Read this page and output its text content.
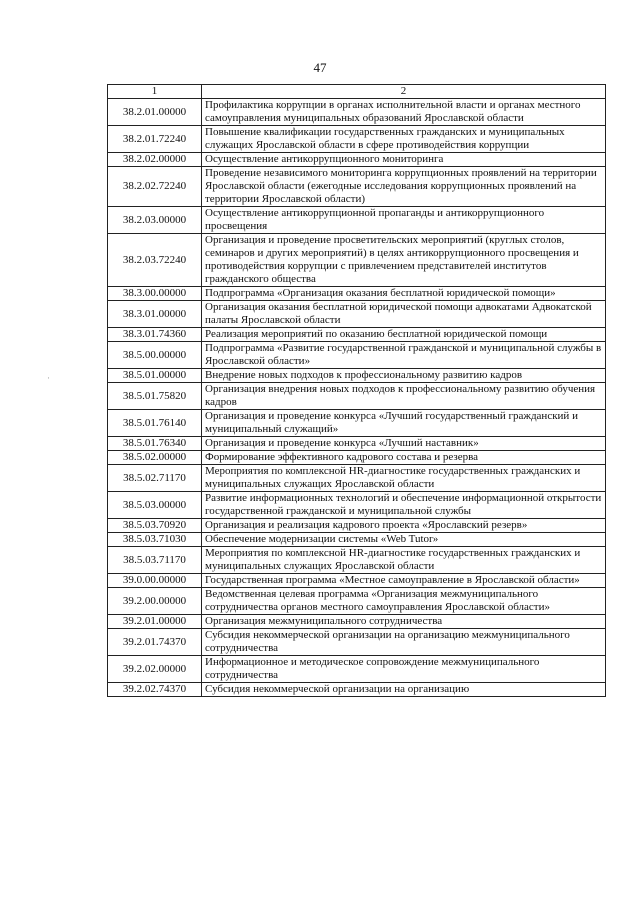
47
·
1	2
38.2.01.00000	Профилактика коррупции в органах исполнительной власти и органах местного самоуправления муниципальных образований Ярославской области
38.2.01.72240	Повышение квалификации государственных гражданских и муниципальных служащих Ярославской области в сфере противодействия коррупции
38.2.02.00000	Осуществление антикоррупционного мониторинга
38.2.02.72240	Проведение независимого мониторинга коррупционных проявлений на территории Ярославской области (ежегодные исследования коррупционных проявлений на территории Ярославской области)
38.2.03.00000	Осуществление антикоррупционной пропаганды и антикоррупционного просвещения
38.2.03.72240	Организация и проведение просветительских мероприятий (круглых столов, семинаров и других мероприятий) в целях антикоррупционного просвещения и противодействия коррупции с привлечением представителей институтов гражданского общества
38.3.00.00000	Подпрограмма «Организация оказания бесплатной юридической помощи»
38.3.01.00000	Организация оказания бесплатной юридической помощи адвокатами Адвокатской палаты Ярославской области
38.3.01.74360	Реализация мероприятий по оказанию бесплатной юридической помощи
38.5.00.00000	Подпрограмма «Развитие государственной гражданской и муниципальной службы в Ярославской области»
38.5.01.00000	Внедрение новых подходов к профессиональному развитию кадров
38.5.01.75820	Организация внедрения новых подходов к профессиональному развитию обучения кадров
38.5.01.76140	Организация и проведение конкурса «Лучший государственный гражданский и муниципальный служащий»
38.5.01.76340	Организация и проведение конкурса «Лучший наставник»
38.5.02.00000	Формирование эффективного кадрового состава и резерва
38.5.02.71170	Мероприятия по комплексной HR-диагностике государственных гражданских и муниципальных служащих Ярославской области
38.5.03.00000	Развитие информационных технологий и обеспечение информационной открытости государственной гражданской и муниципальной службы
38.5.03.70920	Организация и реализация кадрового проекта «Ярославский резерв»
38.5.03.71030	Обеспечение модернизации системы «Web Tutor»
38.5.03.71170	Мероприятия по комплексной HR-диагностике государственных гражданских и муниципальных служащих Ярославской области
39.0.00.00000	Государственная программа «Местное самоуправление в Ярославской области»
39.2.00.00000	Ведомственная целевая программа «Организация межмуниципального сотрудничества органов местного самоуправления Ярославской области»
39.2.01.00000	Организация межмуниципального сотрудничества
39.2.01.74370	Субсидия некоммерческой организации на организацию межмуниципального сотрудничества
39.2.02.00000	Информационное и методическое сопровождение межмуниципального сотрудничества
39.2.02.74370	Субсидия некоммерческой организации на организацию
